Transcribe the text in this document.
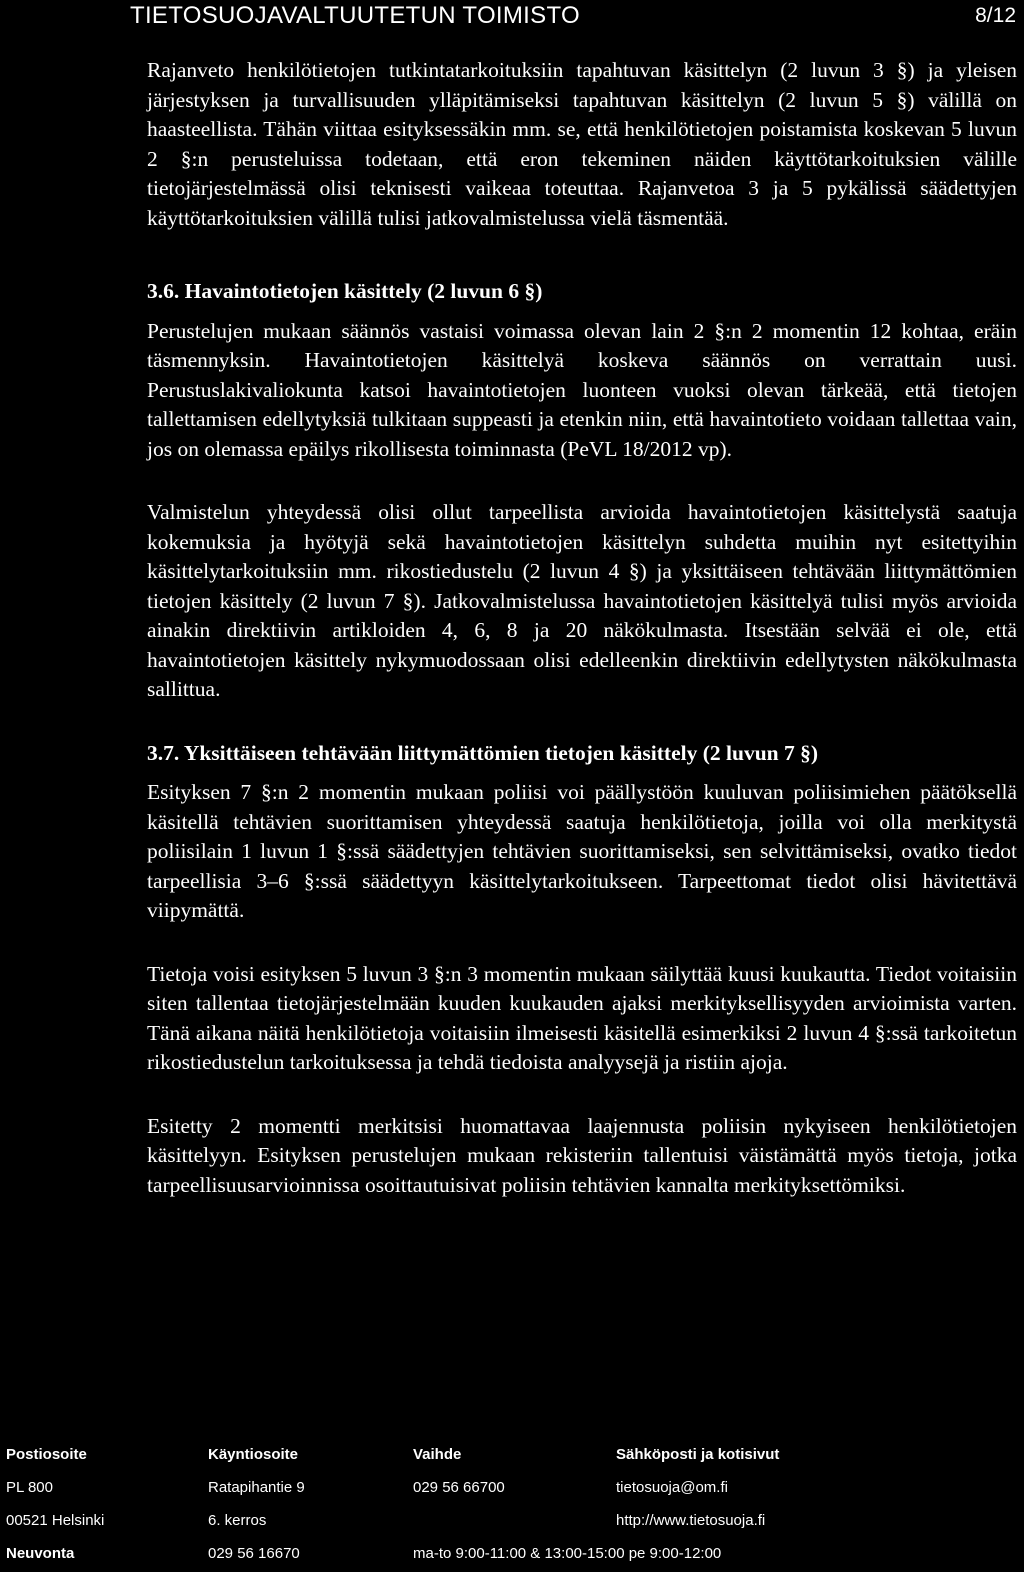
TIETOSUOJAVALTUUTETUN TOIMISTO	8/12

Rajanveto henkilötietojen tutkintatarkoituksiin tapahtuvan käsittelyn (2 luvun 3 §) ja yleisen järjestyksen ja turvallisuuden ylläpitämiseksi tapahtuvan käsittelyn (2 luvun 5 §) välillä on haasteellista. Tähän viittaa esityksessäkin mm. se, että henkilötietojen poistamista koskevan 5 luvun 2 §:n perusteluissa todetaan, että eron tekeminen näiden käyttötarkoituksien välille tietojärjestelmässä olisi teknisesti vaikeaa toteuttaa. Rajanvetoa 3 ja 5 pykälissä säädettyjen käyttötarkoituksien välillä tulisi jatkovalmistelussa vielä täsmentää.

3.6. Havaintotietojen käsittely (2 luvun 6 §)

Perustelujen mukaan säännös vastaisi voimassa olevan lain 2 §:n 2 momentin 12 kohtaa, eräin täsmennyksin. Havaintotietojen käsittelyä koskeva säännös on verrattain uusi. Perustuslakivaliokunta katsoi havaintotietojen luonteen vuoksi olevan tärkeää, että tietojen tallettamisen edellytyksiä tulkitaan suppeasti ja etenkin niin, että havaintotieto voidaan tallettaa vain, jos on olemassa epäilys rikollisesta toiminnasta (PeVL 18/2012 vp).

Valmistelun yhteydessä olisi ollut tarpeellista arvioida havaintotietojen käsittelystä saatuja kokemuksia ja hyötyjä sekä havaintotietojen käsittelyn suhdetta muihin nyt esitettyihin käsittelytarkoituksiin mm. rikostiedustelu (2 luvun 4 §) ja yksittäiseen tehtävään liittymättömien tietojen käsittely (2 luvun 7 §). Jatkovalmistelussa havaintotietojen käsittelyä tulisi myös arvioida ainakin direktiivin artikloiden 4, 6, 8 ja 20 näkökulmasta. Itsestään selvää ei ole, että havaintotietojen käsittely nykymuodossaan olisi edelleenkin direktiivin edellytysten näkökulmasta sallittua.

3.7. Yksittäiseen tehtävään liittymättömien tietojen käsittely (2 luvun 7 §)

Esityksen 7 §:n 2 momentin mukaan poliisi voi päällystöön kuuluvan poliisimiehen päätöksellä käsitellä tehtävien suorittamisen yhteydessä saatuja henkilötietoja, joilla voi olla merkitystä poliisilain 1 luvun 1 §:ssä säädettyjen tehtävien suorittamiseksi, sen selvittämiseksi, ovatko tiedot tarpeellisia 3–6 §:ssä säädettyyn käsittelytarkoitukseen. Tarpeettomat tiedot olisi hävitettävä viipymättä.

Tietoja voisi esityksen 5 luvun 3 §:n 3 momentin mukaan säilyttää kuusi kuukautta. Tiedot voitaisiin siten tallentaa tietojärjestelmään kuuden kuukauden ajaksi merkityksellisyyden arvioimista varten. Tänä aikana näitä henkilötietoja voitaisiin ilmeisesti käsitellä esimerkiksi 2 luvun 4 §:ssä tarkoitetun rikostiedustelun tarkoituksessa ja tehdä tiedoista analyysejä ja ristiin ajoja.

Esitetty 2 momentti merkitsisi huomattavaa laajennusta poliisin nykyiseen henkilötietojen käsittelyyn. Esityksen perustelujen mukaan rekisteriin tallentuisi väistämättä myös tietoja, jotka tarpeellisuusarvioinnissa osoittautuisivat poliisin tehtävien kannalta merkityksettömiksi.

Postiosoite
PL 800
00521 Helsinki
Neuvonta
Käyntiosoite
Ratapihantie 9
6. kerros
029 56 16670
Vaihde
029 56 66700

ma-to 9:00-11:00 & 13:00-15:00 pe 9:00-12:00
Sähköposti ja kotisivut
tietosuoja@om.fi
http://www.tietosuoja.fi
